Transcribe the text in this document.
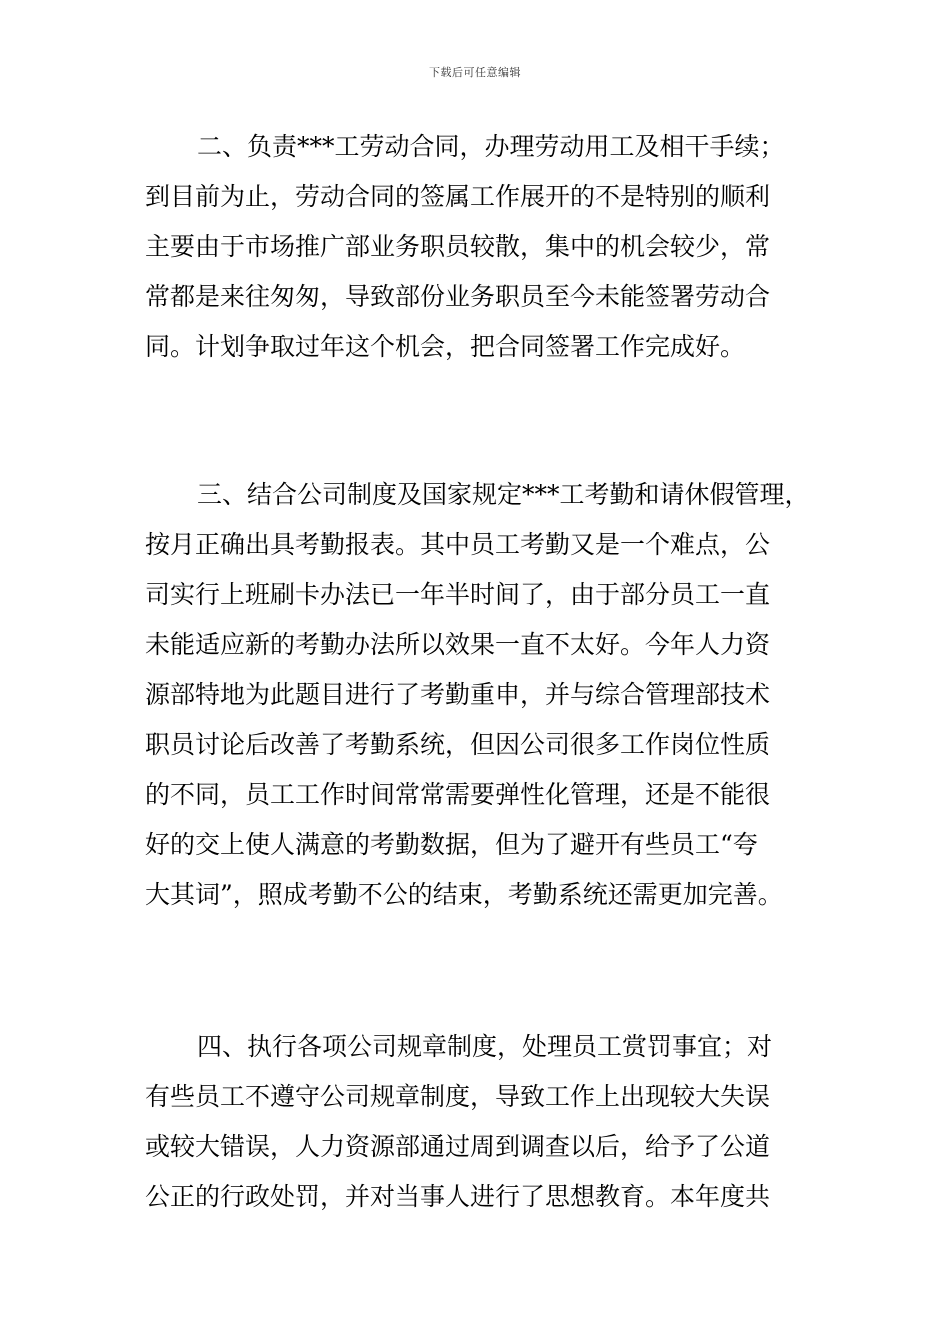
下载后可任意编辑
二、负责***工劳动合同，办理劳动用工及相干手续；
到目前为止，劳动合同的签属工作展开的不是特别的顺利
主要由于市场推广部业务职员较散，集中的机会较少，常
常都是来往匆匆，导致部份业务职员至今未能签署劳动合
同。计划争取过年这个机会，把合同签署工作完成好。
三、结合公司制度及国家规定***工考勤和请休假管理，
按月正确出具考勤报表。其中员工考勤又是一个难点，公
司实行上班刷卡办法已一年半时间了，由于部分员工一直
未能适应新的考勤办法所以效果一直不太好。今年人力资
源部特地为此题目进行了考勤重申，并与综合管理部技术
职员讨论后改善了考勤系统，但因公司很多工作岗位性质
的不同，员工工作时间常常需要弹性化管理，还是不能很
好的交上使人满意的考勤数据，但为了避开有些员工“夸
大其词”，照成考勤不公的结束，考勤系统还需更加完善。
四、执行各项公司规章制度，处理员工赏罚事宜；对
有些员工不遵守公司规章制度，导致工作上出现较大失误
或较大错误，人力资源部通过周到调查以后，给予了公道
公正的行政处罚，并对当事人进行了思想教育。本年度共
